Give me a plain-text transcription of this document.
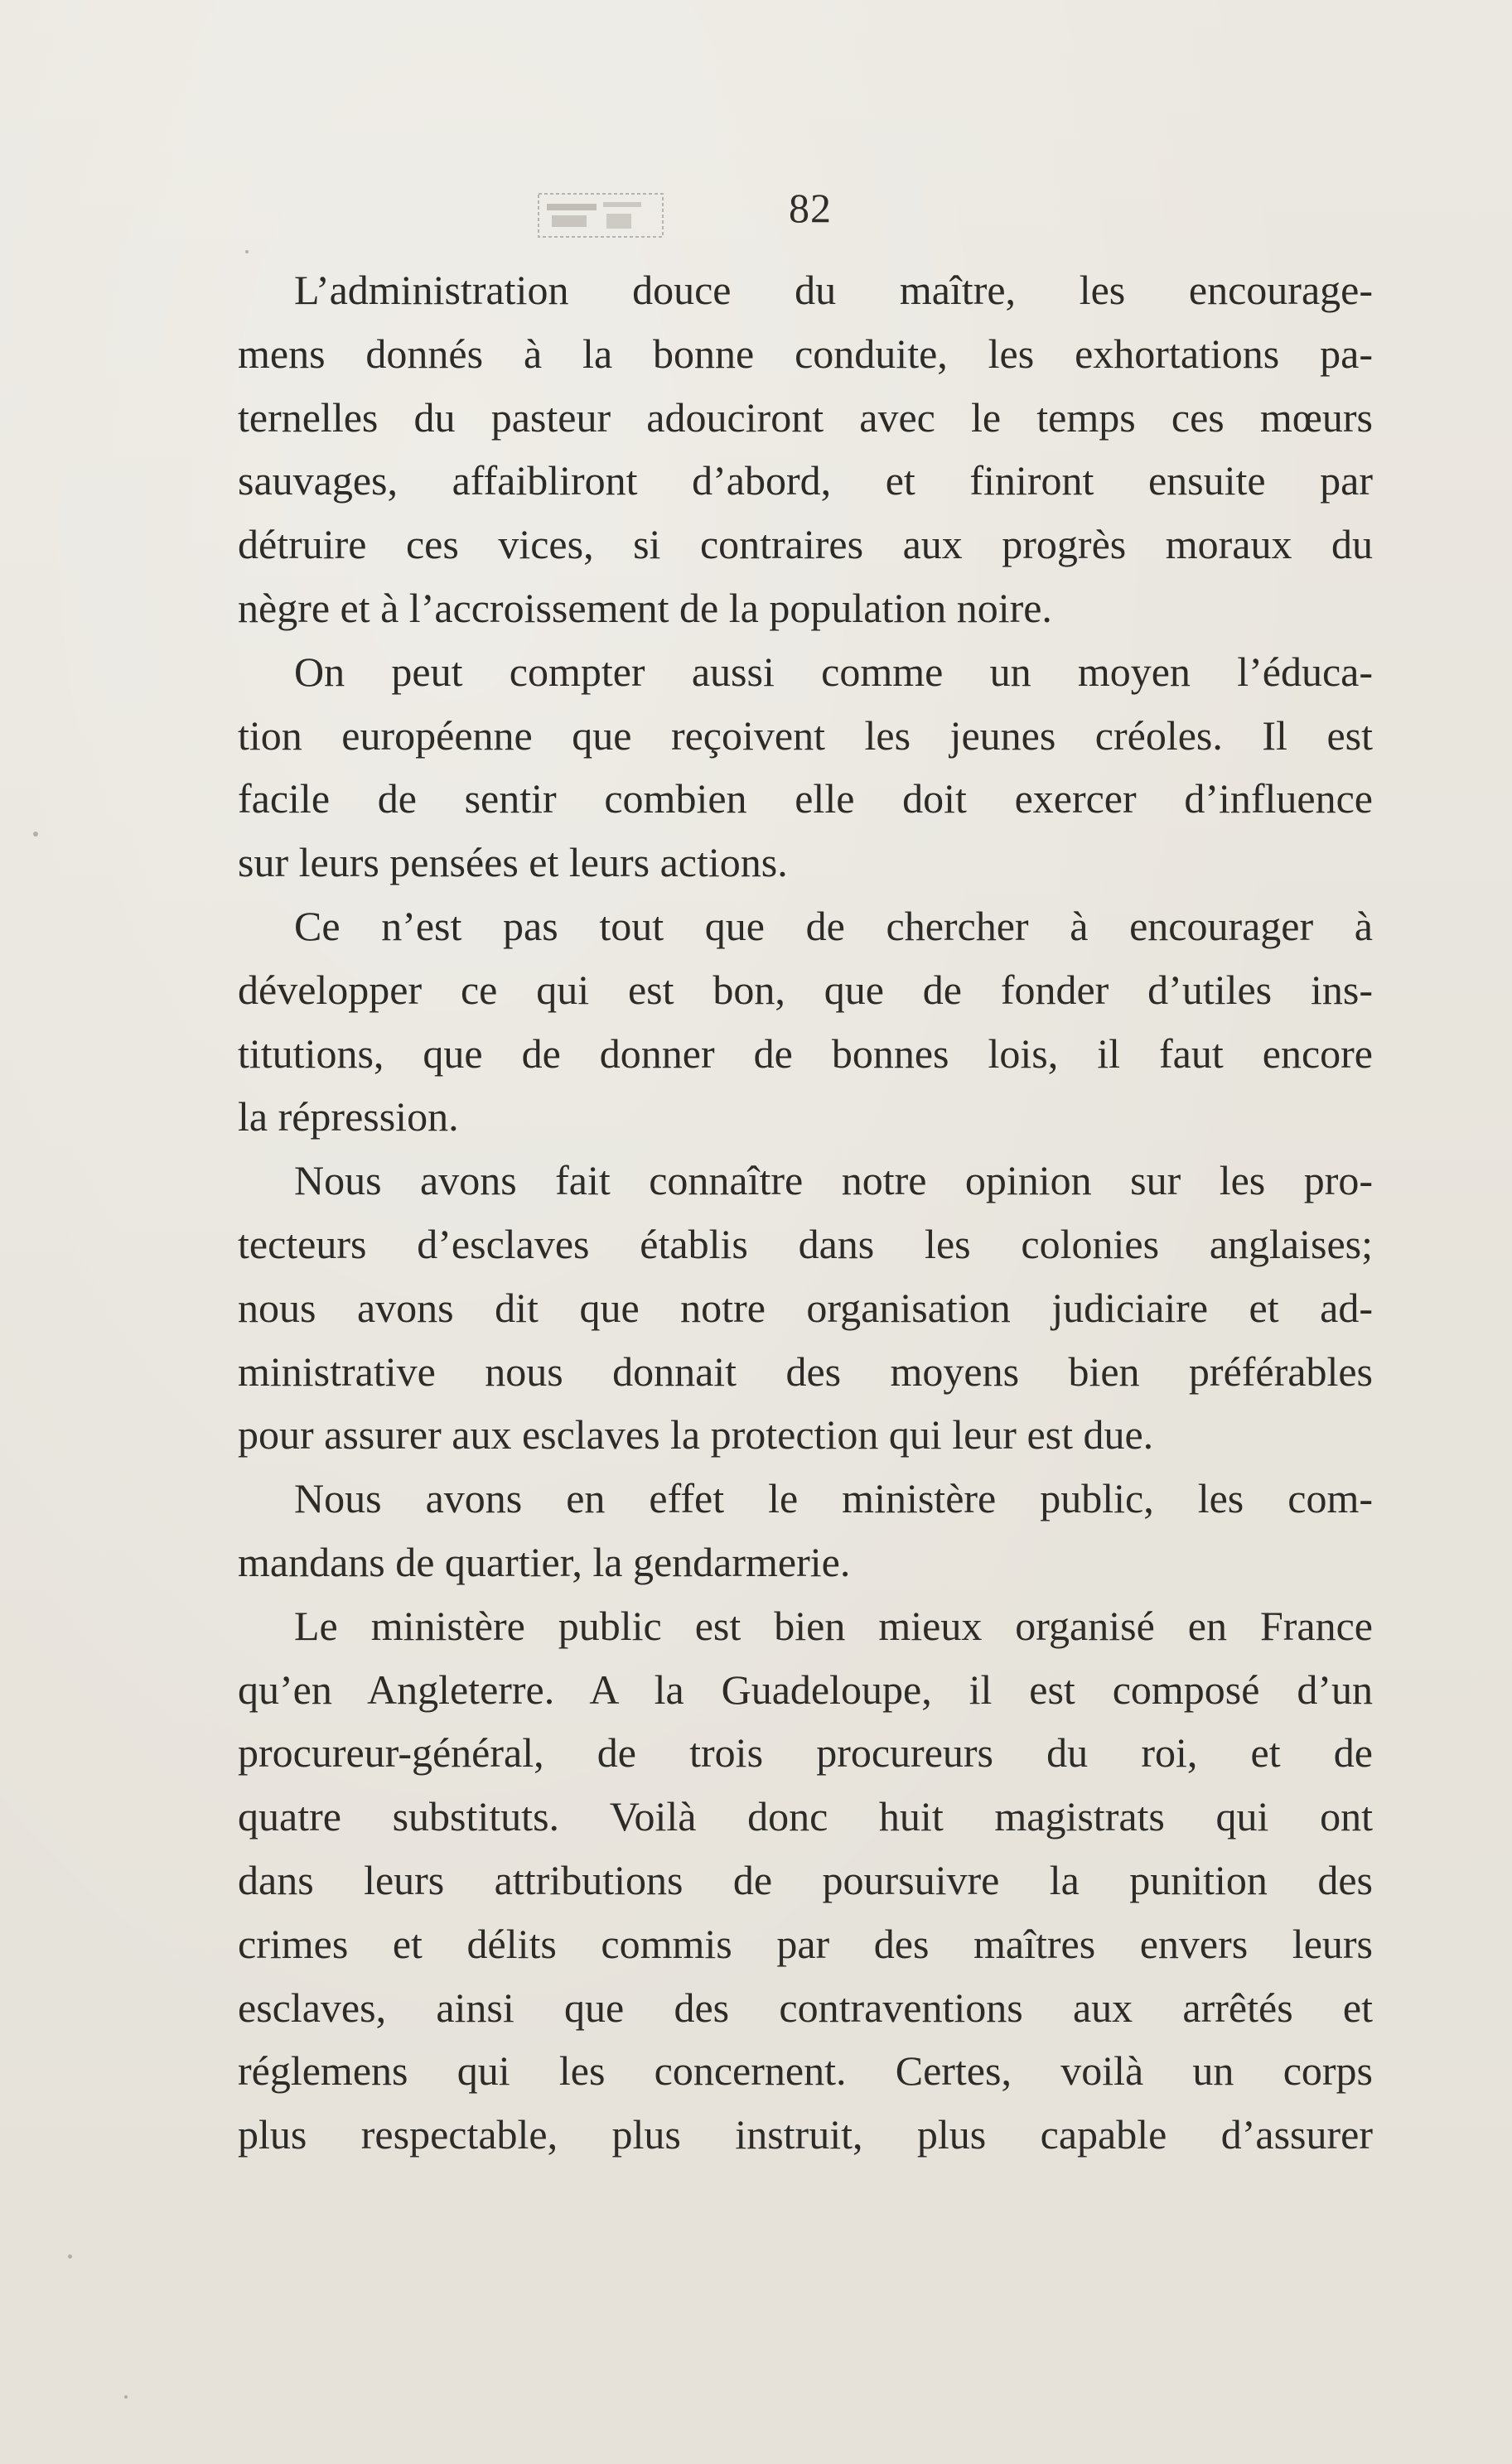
82
L’administration douce du maître, les encourage-
mens donnés à la bonne conduite, les exhortations pa-
ternelles du pasteur adouciront avec le temps ces mœurs
sauvages, affaibliront d’abord, et finiront ensuite par
détruire ces vices, si contraires aux progrès moraux du
nègre et à l’accroissement de la population noire.
On peut compter aussi comme un moyen l’éduca-
tion européenne que reçoivent les jeunes créoles. Il est
facile de sentir combien elle doit exercer d’influence
sur leurs pensées et leurs actions.
Ce n’est pas tout que de chercher à encourager à
développer ce qui est bon, que de fonder d’utiles ins-
titutions, que de donner de bonnes lois, il faut encore
la répression.
Nous avons fait connaître notre opinion sur les pro-
tecteurs d’esclaves établis dans les colonies anglaises;
nous avons dit que notre organisation judiciaire et ad-
ministrative nous donnait des moyens bien préférables
pour assurer aux esclaves la protection qui leur est due.
Nous avons en effet le ministère public, les com-
mandans de quartier, la gendarmerie.
Le ministère public est bien mieux organisé en France
qu’en Angleterre. A la Guadeloupe, il est composé d’un
procureur-général, de trois procureurs du roi, et de
quatre substituts. Voilà donc huit magistrats qui ont
dans leurs attributions de poursuivre la punition des
crimes et délits commis par des maîtres envers leurs
esclaves, ainsi que des contraventions aux arrêtés et
réglemens qui les concernent. Certes, voilà un corps
plus respectable, plus instruit, plus capable d’assurer
